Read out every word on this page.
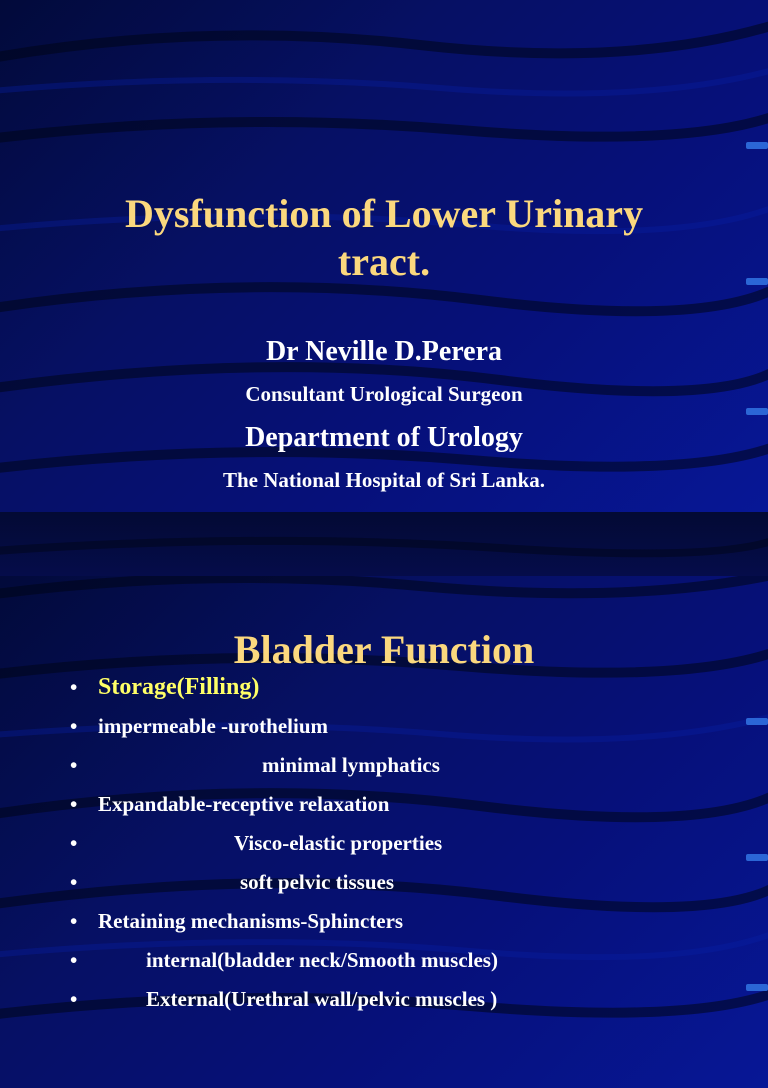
Dysfunction of Lower Urinary
tract.
Dr Neville D.Perera
Consultant Urological Surgeon
Department of Urology
The National Hospital of Sri Lanka.
Bladder Function
• Storage(Filling)
• impermeable -urothelium
•	minimal lymphatics
• Expandable-receptive relaxation
•	Visco-elastic properties
•	soft pelvic tissues
• Retaining mechanisms-Sphincters
•	internal(bladder neck/Smooth muscles)
•	External(Urethral wall/pelvic muscles )
